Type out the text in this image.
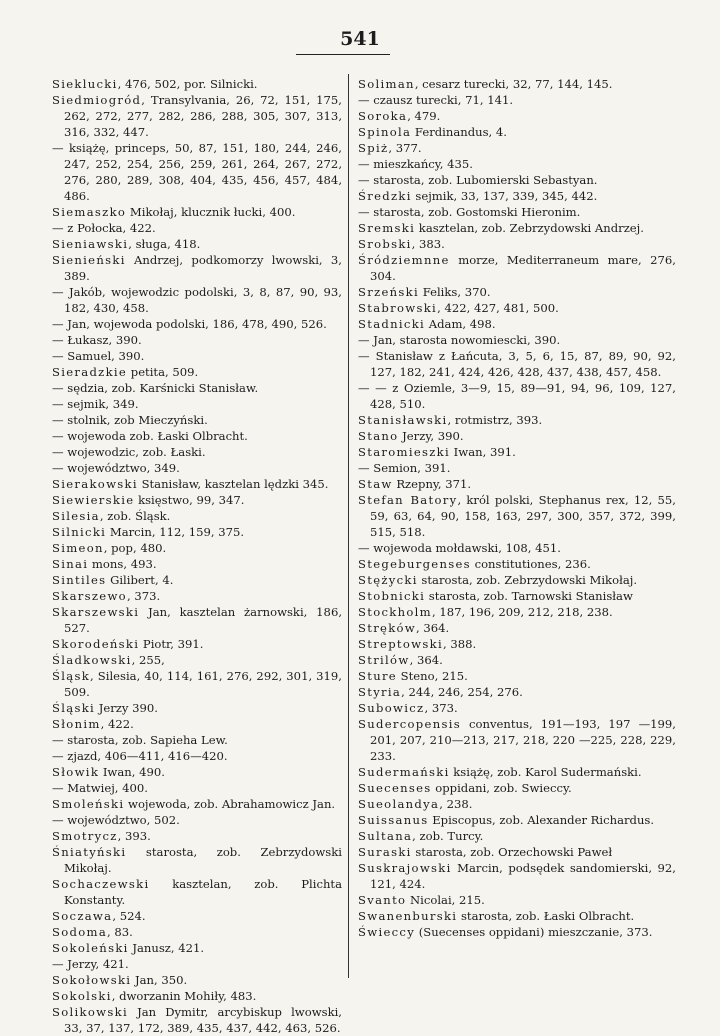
541

Sieklucki, 476, 502, por. Silnicki.

Siedmiogród, Transylvania, 26, 72, 151, 175, 262, 272, 277, 282, 286, 288, 305, 307, 313, 316, 332, 447.

— książę, princeps, 50, 87, 151, 180, 244, 246, 247, 252, 254, 256, 259, 261, 264, 267, 272, 276, 280, 289, 308, 404, 435, 456, 457, 484, 486.

Siemaszko Mikołaj, klucznik łucki, 400.

— z Połocka, 422.

Sieniawski, sługa, 418.

Sienieński Andrzej, podkomorzy lwowski, 3, 389.

— Jakób, wojewodzic podolski, 3, 8, 87, 90, 93, 182, 430, 458.

— Jan, wojewoda podolski, 186, 478, 490, 526.

— Łukasz, 390.

— Samuel, 390.

Sieradzkie petita, 509.

— sędzia, zob. Karśnicki Stanisław.

— sejmik, 349.

— stolnik, zob Mieczyński.

— wojewoda zob. Łaski Olbracht.

— wojewodzic, zob. Łaski.

— województwo, 349.

Sierakowski Stanisław, kasztelan lędzki 345.

Siewierskie księstwo, 99, 347.

Silesia, zob. Śląsk.

Silnicki Marcin, 112, 159, 375.

Simeon, pop, 480.

Sinai mons, 493.

Sintiles Gilibert, 4.

Skarszewo, 373.

Skarszewski Jan, kasztelan żarnowski, 186, 527.

Skorodeński Piotr, 391.

Śladkowski, 255,

Śląsk, Silesia, 40, 114, 161, 276, 292, 301, 319, 509.

Śląski Jerzy 390.

Słonim, 422.

— starosta, zob. Sapieha Lew.

— zjazd, 406—411, 416—420.

Słowik Iwan, 490.

— Matwiej, 400.

Smoleński wojewoda, zob. Abrahamowicz Jan.

— województwo, 502.

Smotrycz, 393.

Śniatyński starosta, zob. Zebrzydowski Mikołaj.

Sochaczewski kasztelan, zob. Plichta Konstanty.

Soczawa, 524.

Sodoma, 83.

Sokoleński Janusz, 421.

— Jerzy, 421.

Sokołowski Jan, 350.

Sokolski, dworzanin Mohiły, 483.

Solikowski Jan Dymitr, arcybiskup lwowski, 33, 37, 137, 172, 389, 435, 437, 442, 463, 526.

Soliman, cesarz turecki, 32, 77, 144, 145.

— czausz turecki, 71, 141.

Soroka, 479.

Spinola Ferdinandus, 4.

Spiż, 377.

— mieszkańcy, 435.

— starosta, zob. Lubomierski Sebastyan.

Średzki sejmik, 33, 137, 339, 345, 442.

— starosta, zob. Gostomski Hieronim.

Sremski kasztelan, zob. Zebrzydowski Andrzej.

Srobski, 383.

Śródziemnne morze, Mediterraneum mare, 276, 304.

Srzeński Feliks, 370.

Stabrowski, 422, 427, 481, 500.

Stadnicki Adam, 498.

— Jan, starosta nowomiescki, 390.

— Stanisław z Łańcuta, 3, 5, 6, 15, 87, 89, 90, 92, 127, 182, 241, 424, 426, 428, 437, 438, 457, 458.

— — z Oziemle, 3—9, 15, 89—91, 94, 96, 109, 127, 428, 510.

Stanisławski, rotmistrz, 393.

Stano Jerzy, 390.

Staromieszki Iwan, 391.

— Semion, 391.

Staw Rzepny, 371.

Stefan Batory, król polski, Stephanus rex, 12, 55, 59, 63, 64, 90, 158, 163, 297, 300, 357, 372, 399, 515, 518.

— wojewoda mołdawski, 108, 451.

Stegeburgenses constitutiones, 236.

Stężycki starosta, zob. Zebrzydowski Mikołaj.

Stobnicki starosta, zob. Tarnowski Stanisław

Stockholm, 187, 196, 209, 212, 218, 238.

Stręków, 364.

Streptowski, 388.

Strilów, 364.

Sture Steno, 215.

Styria, 244, 246, 254, 276.

Subowicz, 373.

Sudercopensis conventus, 191—193, 197 —199, 201, 207, 210—213, 217, 218, 220 —225, 228, 229, 233.

Sudermański książę, zob. Karol Sudermański.

Suecenses oppidani, zob. Swieccy.

Sueolandya, 238.

Suissanus Episcopus, zob. Alexander Richardus.

Sultana, zob. Turcy.

Suraski starosta, zob. Orzechowski Paweł

Suskrajowski Marcin, podsędek sandomierski, 92, 121, 424.

Svanto Nicolai, 215.

Swanenburski starosta, zob. Łaski Olbracht.

Świeccy (Suecenses oppidani) mieszczanie, 373.
